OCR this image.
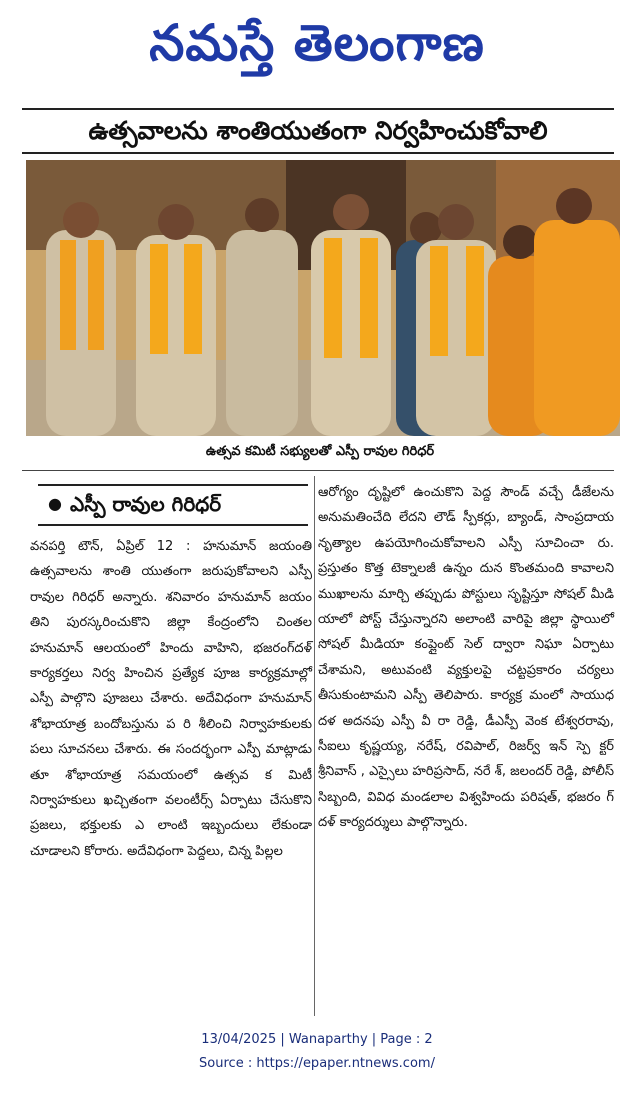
నమస్తే తెలంగాణ
ఉత్సవాలను శాంతియుతంగా నిర్వహించుకోవాలి
ఉత్సవ కమిటీ సభ్యులతో ఎస్పీ రావుల గిరిధర్
● ఎస్పీ రావుల గిరిధర్
వనపర్తి టౌన్, ఏప్రిల్ 12 : హనుమాన్ జయంతి ఉత్సవాలను శాంతి యుతంగా జరుపుకోవాలని ఎస్పీ రావుల గిరిధర్ అన్నారు. శనివారం హనుమాన్ జయం తిని పురస్కరించుకొని జిల్లా కేంద్రంలోని చింతల హనుమాన్ ఆలయంలో హిందు వాహిని, భజరంగ్‌దళ్ కార్యకర్తలు నిర్వ హించిన ప్రత్యేక పూజ కార్యక్రమాల్లో ఎస్పీ పాల్గొని పూజలు చేశారు. అదేవిధంగా హనుమాన్ శోభాయాత్ర బందోబస్తును ప రి శీలించి నిర్వాహకులకు పలు సూచనలు చేశారు. ఈ సందర్భంగా ఎస్పీ మాట్లాడు తూ శోభాయాత్ర సమయంలో ఉత్సవ క మిటీ నిర్వాహకులు ఖచ్చితంగా వలంటీర్స్ ఏర్పాటు చేసుకొని ప్రజలు, భక్తులకు ఎ లాంటి ఇబ్బందులు లేకుండా చూడాలని కోరారు. అదేవిధంగా పెద్దలు, చిన్న పిల్లల
ఆరోగ్యం దృష్టిలో ఉంచుకొని పెద్ద సౌండ్ వచ్చే డీజేలను అనుమతించేది లేదని లౌడ్ స్పీకర్లు, బ్యాండ్, సాంప్రదాయ నృత్యాల ఉపయోగించుకోవాలని ఎస్పీ సూచించా రు. ప్రస్తుతం కొత్త టెక్నాలజీ ఉన్నం దున కొంతమంది కావాలని ముఖాలను మార్చి తప్పుడు పోస్టులు సృష్టిస్తూ సోషల్ మీడి యాలో పోస్ట్ చేస్తున్నారని అలాంటి వారిపై జిల్లా స్థాయిలో సోషల్ మీడియా కంప్లైంట్ సెల్ ద్వారా నిఘా ఏర్పాటు చేశామని, అటువంటి వ్యక్తులపై చట్టప్రకారం చర్యలు తీసుకుంటామని ఎస్పీ తెలిపారు. కార్యక్ర మంలో సాయుధ దళ అదనపు ఎస్పీ వీ రా రెడ్డి, డీఎస్పీ వెంక టేశ్వరరావు, సీఐలు కృష్ణయ్య, నరేష్, రవిపాల్, రిజర్వ్ ఇన్ స్పె క్టర్ శ్రీనివాస్ , ఎస్సైలు హరిప్రసాద్, నరే శ్, జలందర్ రెడ్డి, పోలీస్ సిబ్బంది, వివిధ మండలాల విశ్వహిందు పరిషత్, భజరం గ్ దళ్ కార్యదర్శులు పాల్గొన్నారు.
13/04/2025 | Wanaparthy | Page : 2
Source : https://epaper.ntnews.com/
